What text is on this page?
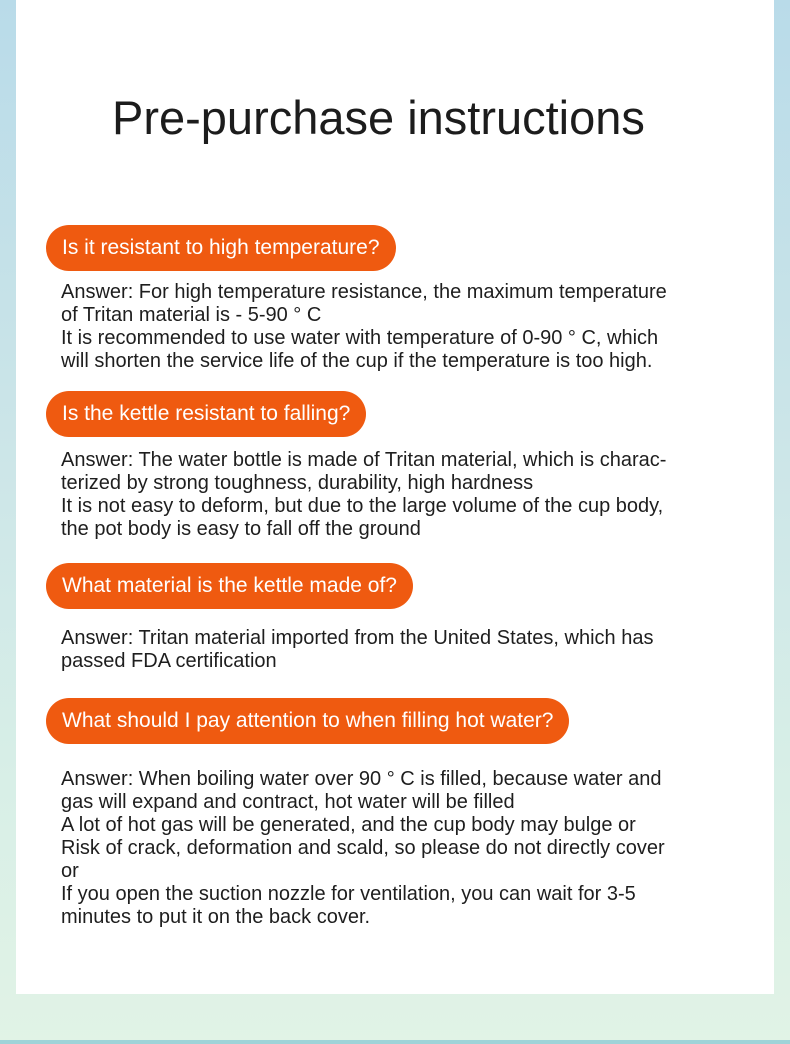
Pre-purchase instructions
Is it resistant to high temperature?
Answer: For high temperature resistance, the maximum temperature
of Tritan material is - 5-90 ° C
It is recommended to use water with temperature of 0-90 ° C, which
will shorten the service life of the cup if the temperature is too high.
Is the kettle resistant to falling?
Answer: The water bottle is made of Tritan material, which is charac-
terized by strong toughness, durability, high hardness
It is not easy to deform, but due to the large volume of the cup body,
the pot body is easy to fall off the ground
What material is the kettle made of?
Answer: Tritan material imported from the United States, which has
passed FDA certification
What should I pay attention to when filling hot water?
Answer: When boiling water over 90 ° C is filled, because water and
gas will expand and contract, hot water will be filled
A lot of hot gas will be generated, and the cup body may bulge or
Risk of crack, deformation and scald, so please do not directly cover
or
If you open the suction nozzle for ventilation, you can wait for 3-5
minutes to put it on the back cover.
